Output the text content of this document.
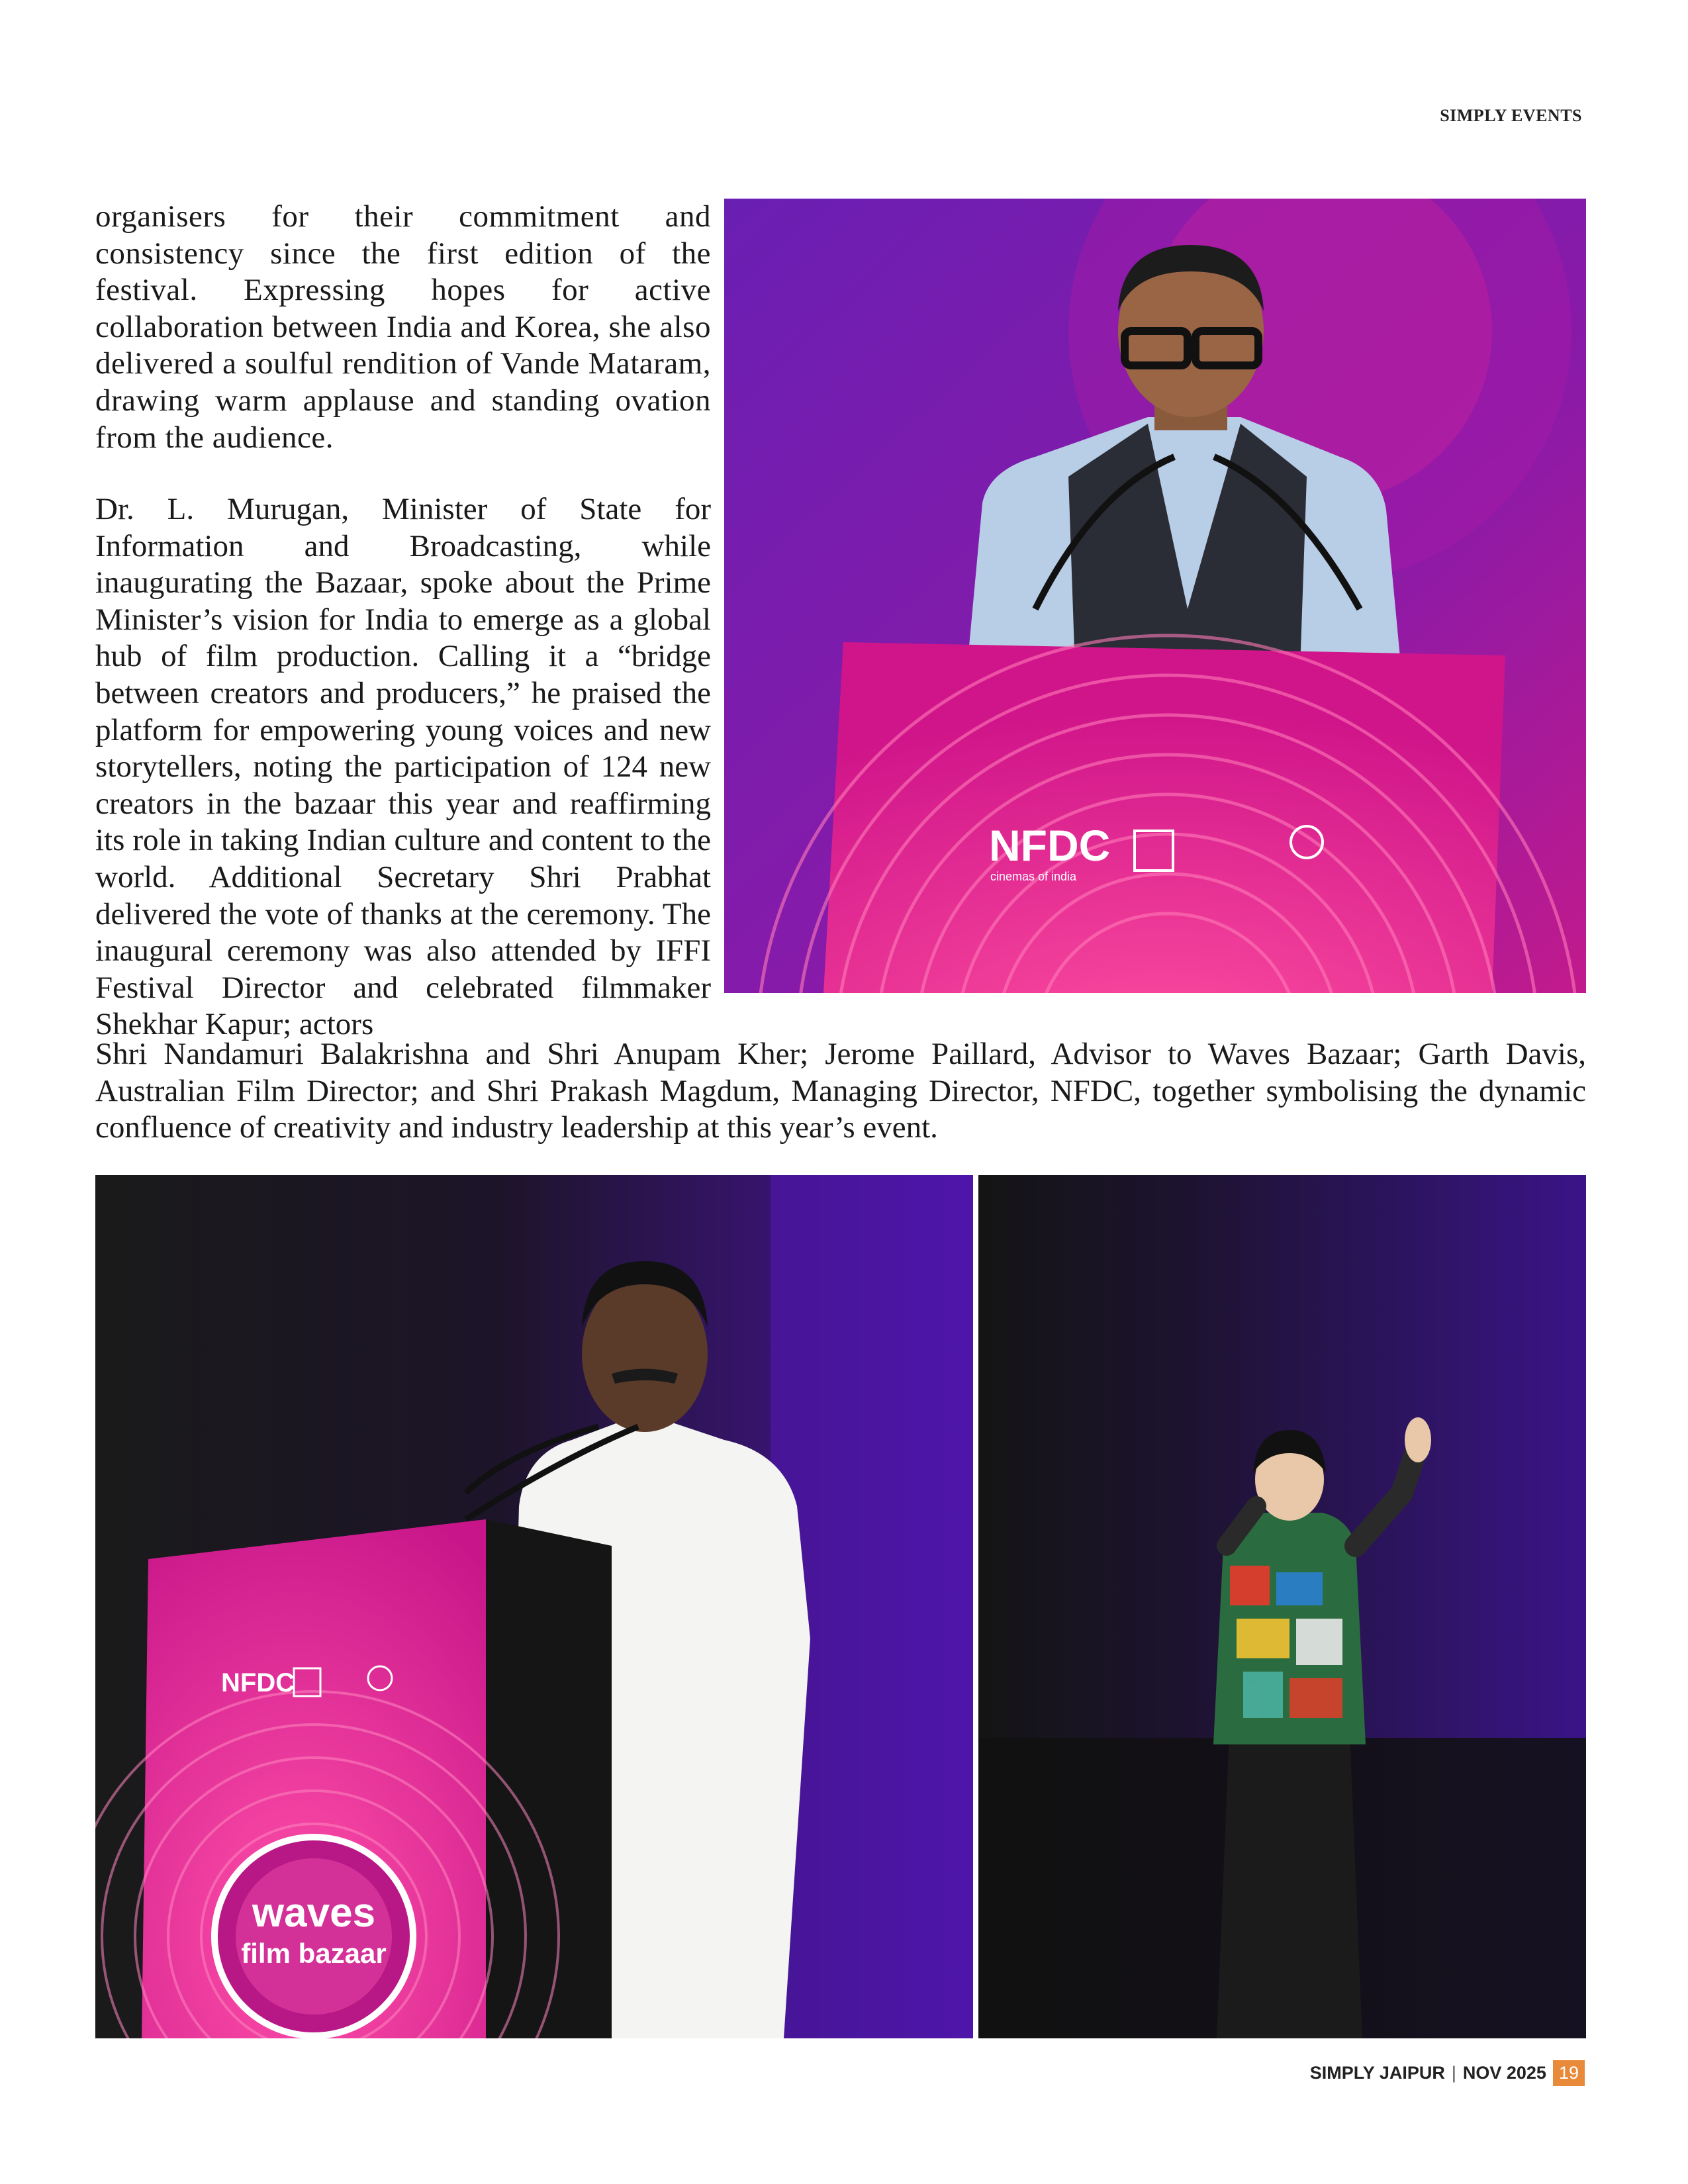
SIMPLY EVENTS

organisers for their commitment and consistency since the first edition of the festival. Expressing hopes for active collaboration between India and Korea, she also delivered a soulful rendition of Vande Mataram, drawing warm applause and standing ovation from the audience.

Dr. L. Murugan, Minister of State for Information and Broadcasting, while inaugurating the Bazaar, spoke about the Prime Minister’s vision for India to emerge as a global hub of film production. Calling it a “bridge between creators and producers,” he praised the platform for empowering young voices and new storytellers, noting the participation of 124 new creators in the bazaar this year and reaffirming its role in taking Indian culture and content to the world. Additional Secretary Shri Prabhat delivered the vote of thanks at the ceremony. The inaugural ceremony was also attended by IFFI Festival Director and celebrated filmmaker Shekhar Kapur; actors

Shri Nandamuri Balakrishna and Shri Anupam Kher; Jerome Paillard, Advisor to Waves Bazaar; Garth Davis, Australian Film Director; and Shri Prakash Magdum, Managing Director, NFDC, together symbolising the dynamic confluence of creativity and industry leadership at this year’s event.

NFDC
cinemas of india
waves
film bazaar
NFDC
SIMPLY JAIPUR | NOV 2025 19
